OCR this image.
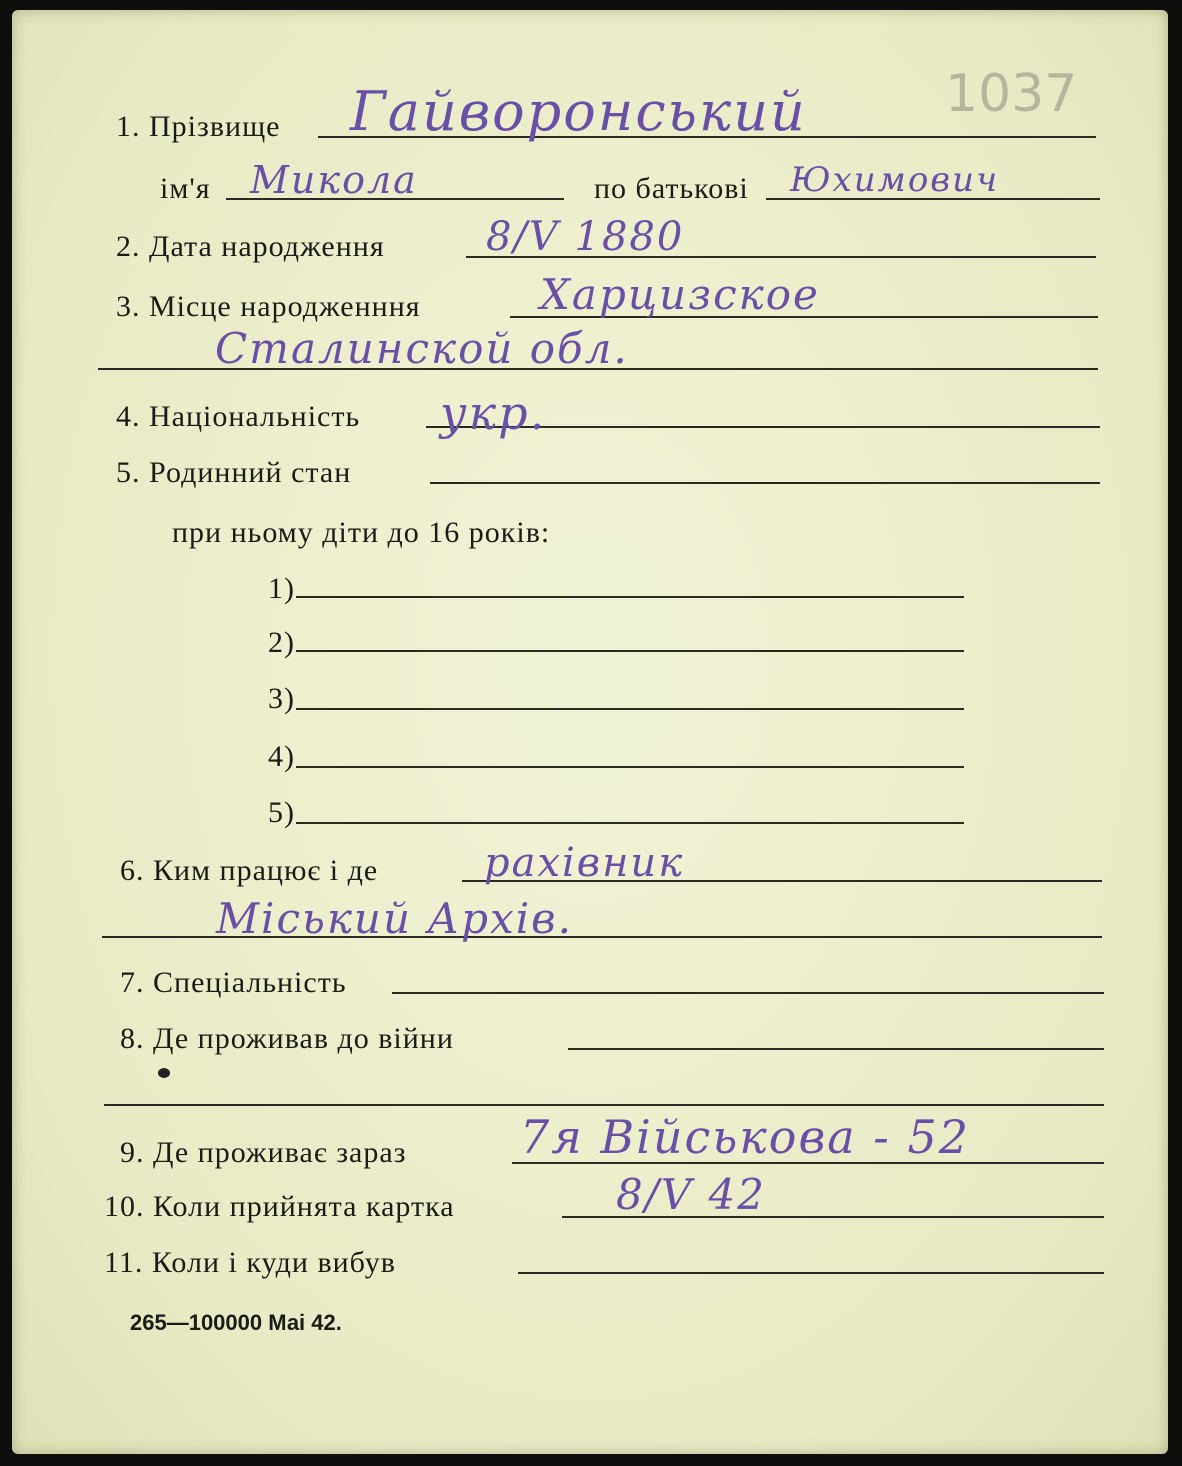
1037
1. Прізвище Гайворонський
ім'я Микола	по батькові Юхимович
2. Дата народження	8/V 1880
3. Місце народженння	Харцизское
Сталинской обл.
4. Національність укр.
5. Родинний стан
при ньому діти до 16 років:
1)
2)
3)
4)
5)
6. Ким працює і де	рахівник
Міський Архів.
7. Спеціальність
8. Де проживав до війни
9. Де проживає зараз 7я Військова - 52
10. Коли прийнята картка	8/V 42
11. Коли і куди вибув
265—100000 Маі 42.
